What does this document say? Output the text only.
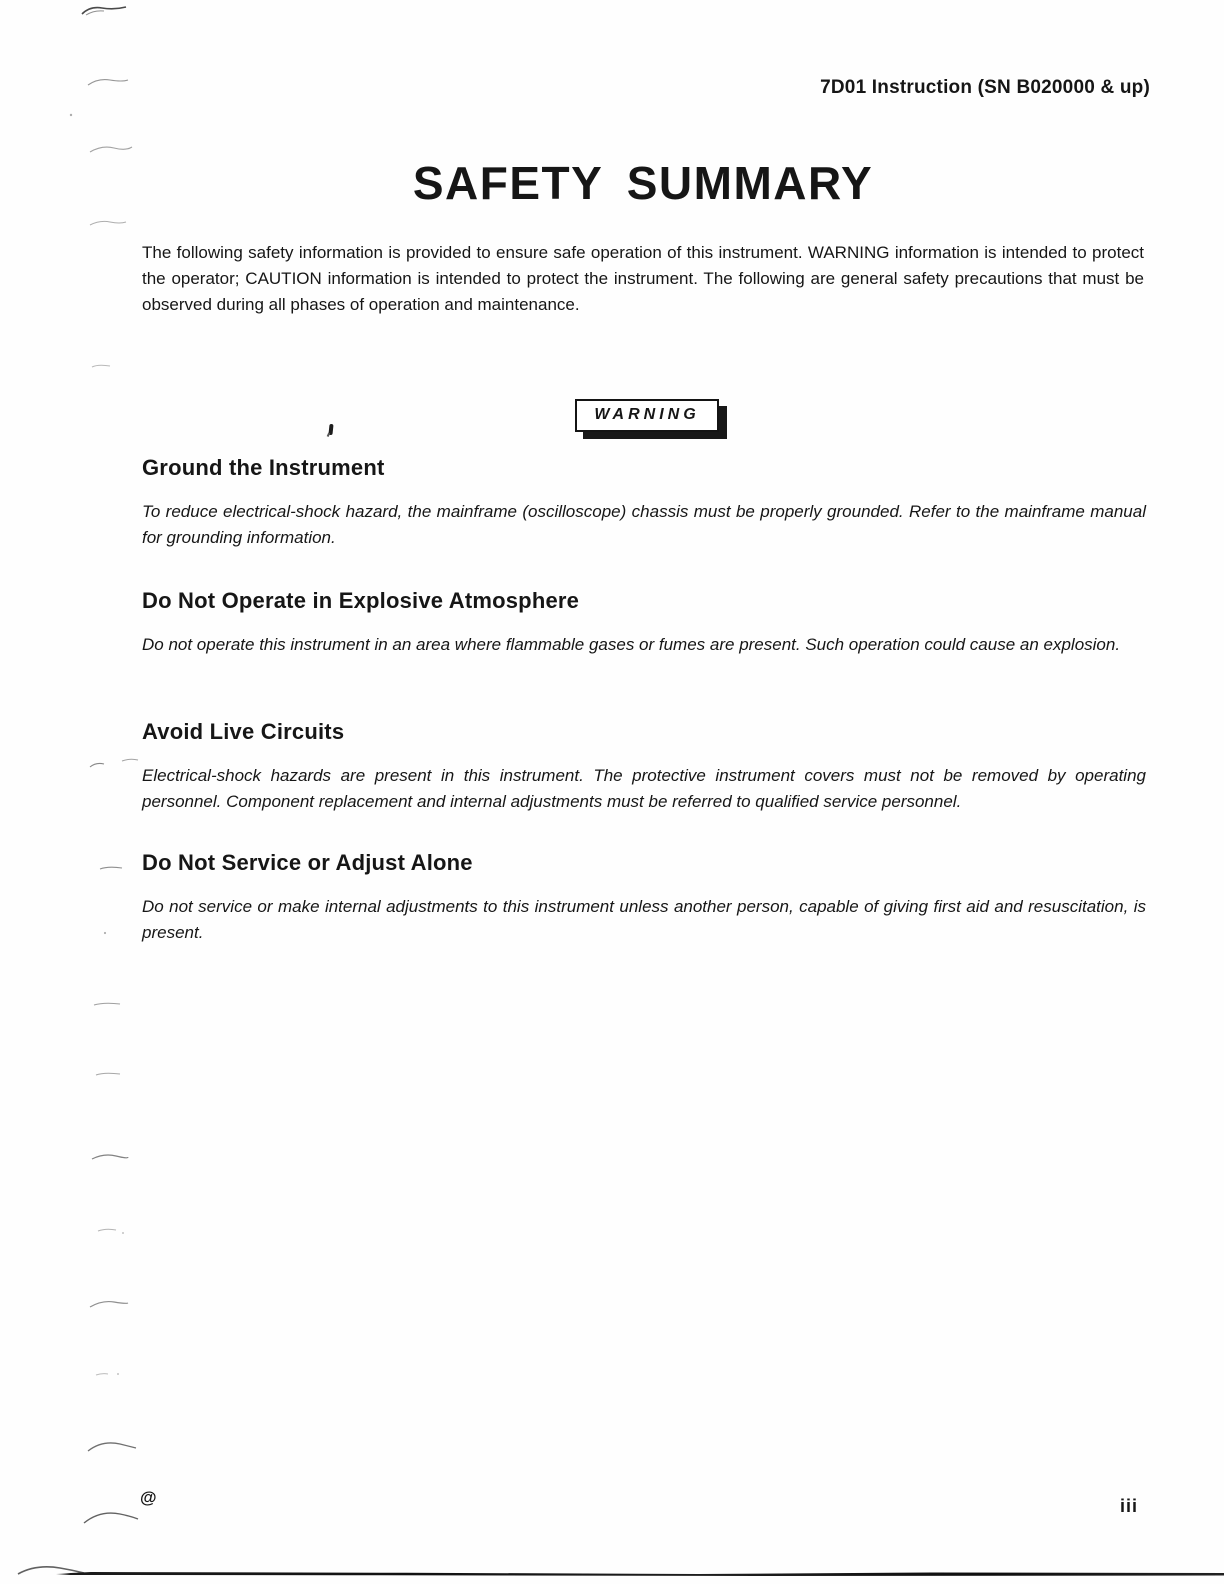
7D01 Instruction (SN B020000 & up)
SAFETY SUMMARY

The following safety information is provided to ensure safe operation of this instrument. WARNING information is intended to protect the operator; CAUTION information is intended to protect the instrument. The following are general safety precautions that must be observed during all phases of operation and maintenance.

WARNING
Ground the Instrument

To reduce electrical-shock hazard, the mainframe (oscilloscope) chassis must be properly grounded. Refer to the mainframe manual for grounding information.

Do Not Operate in Explosive Atmosphere

Do not operate this instrument in an area where flammable gases or fumes are present. Such operation could cause an explosion.

Avoid Live Circuits

Electrical-shock hazards are present in this instrument. The protective instrument covers must not be removed by operating personnel. Component replacement and internal adjustments must be referred to qualified service personnel.

Do Not Service or Adjust Alone

Do not service or make internal adjustments to this instrument unless another person, capable of giving first aid and resuscitation, is present.

@	iii
